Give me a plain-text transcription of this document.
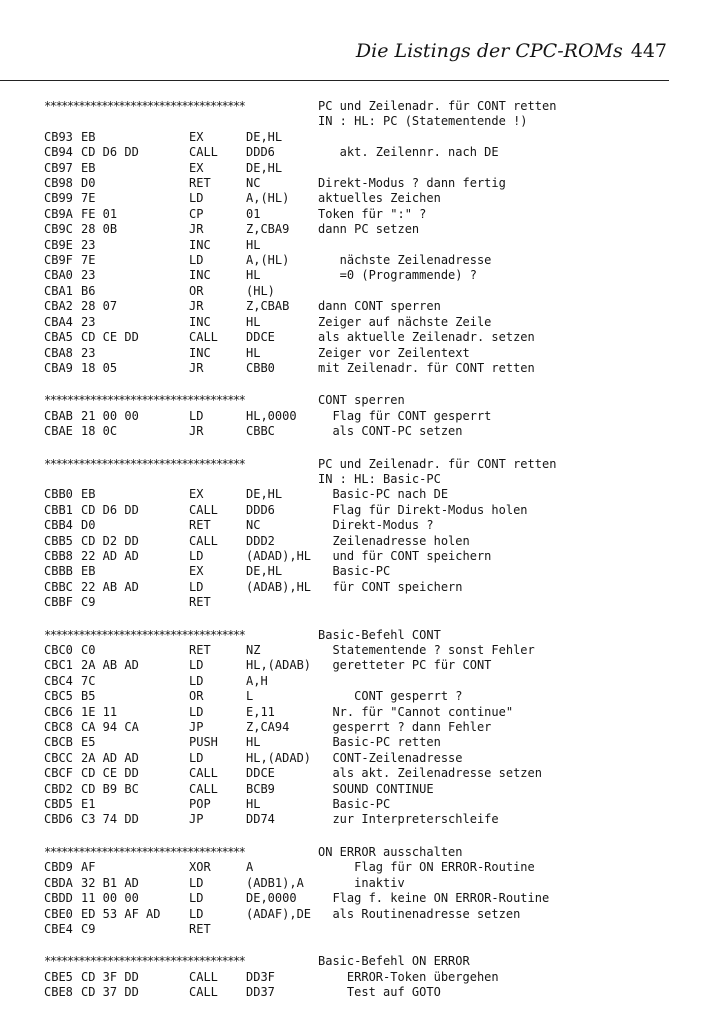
Die Listings der CPC-ROMs 447
***********************************	PC und Zeilenadr. für CONT retten
IN : HL: PC (Statementende !)
CB93 EB	EX	DE,HL
CB94 CD D6 DD	CALL DDD6	akt. Zeilennr. nach DE
CB97 EB	EX	DE,HL
CB98 D0	RET	NC	Direkt-Modus ? dann fertig
CB99 7E	LD	A,(HL) aktuelles Zeichen
CB9A FE 01	CP	01	Token für ":" ?
CB9C 28 0B	JR	Z,CBA9 dann PC setzen
CB9E 23	INC	HL
CB9F 7E	LD	A,(HL) nächste Zeilenadresse
CBA0 23	INC	HL	=0 (Programmende) ?
CBA1 B6	OR	(HL)
CBA2 28 07	JR	Z,CBAB dann CONT sperren
CBA4 23	INC	HL	Zeiger auf nächste Zeile
CBA5 CD CE DD	CALL DDCE	als aktuelle Zeilenadr. setzen
CBA8 23	INC	HL	Zeiger vor Zeilentext
CBA9 18 05	JR	CBB0	mit Zeilenadr. für CONT retten
***********************************	CONT sperren
CBAB 21 00 00	LD	HL,0000 Flag für CONT gesperrt
CBAE 18 0C	JR	CBBC	als CONT-PC setzen
***********************************	PC und Zeilenadr. für CONT retten
IN : HL: Basic-PC
CBB0 EB	EX	DE,HL	Basic-PC nach DE
CBB1 CD D6 DD	CALL DDD6	Flag für Direkt-Modus holen
CBB4 D0	RET	NC	Direkt-Modus ?
CBB5 CD D2 DD	CALL DDD2	Zeilenadresse holen
CBB8 22 AD AD	LD	(ADAD),HL und für CONT speichern
CBBB EB	EX	DE,HL	Basic-PC
CBBC 22 AB AD	LD	(ADAB),HL für CONT speichern
CBBF C9	RET
***********************************	Basic-Befehl CONT
CBC0 C0	RET	NZ	Statementende ? sonst Fehler
CBC1 2A AB AD	LD	HL,(ADAB) geretteter PC für CONT
CBC4 7C	LD	A,H
CBC5 B5	OR	L	CONT gesperrt ?
CBC6 1E 11	LD	E,11	Nr. für "Cannot continue"
CBC8 CA 94 CA	JP	Z,CA94 gesperrt ? dann Fehler
CBCB E5	PUSH HL	Basic-PC retten
CBCC 2A AD AD	LD	HL,(ADAD) CONT-Zeilenadresse
CBCF CD CE DD	CALL DDCE	als akt. Zeilenadresse setzen
CBD2 CD B9 BC	CALL BCB9	SOUND CONTINUE
CBD5 E1	POP	HL	Basic-PC
CBD6 C3 74 DD	JP	DD74	zur Interpreterschleife
***********************************	ON ERROR ausschalten
CBD9 AF	XOR	A	Flag für ON ERROR-Routine
CBDA 32 B1 AD	LD	(ADB1),A inaktiv
CBDD 11 00 00	LD	DE,0000 Flag f. keine ON ERROR-Routine
CBE0 ED 53 AF AD LD	(ADAF),DE als Routinenadresse setzen
CBE4 C9	RET
***********************************	Basic-Befehl ON ERROR
CBE5 CD 3F DD	CALL DD3F	ERROR-Token übergehen
CBE8 CD 37 DD	CALL DD37	Test auf GOTO
